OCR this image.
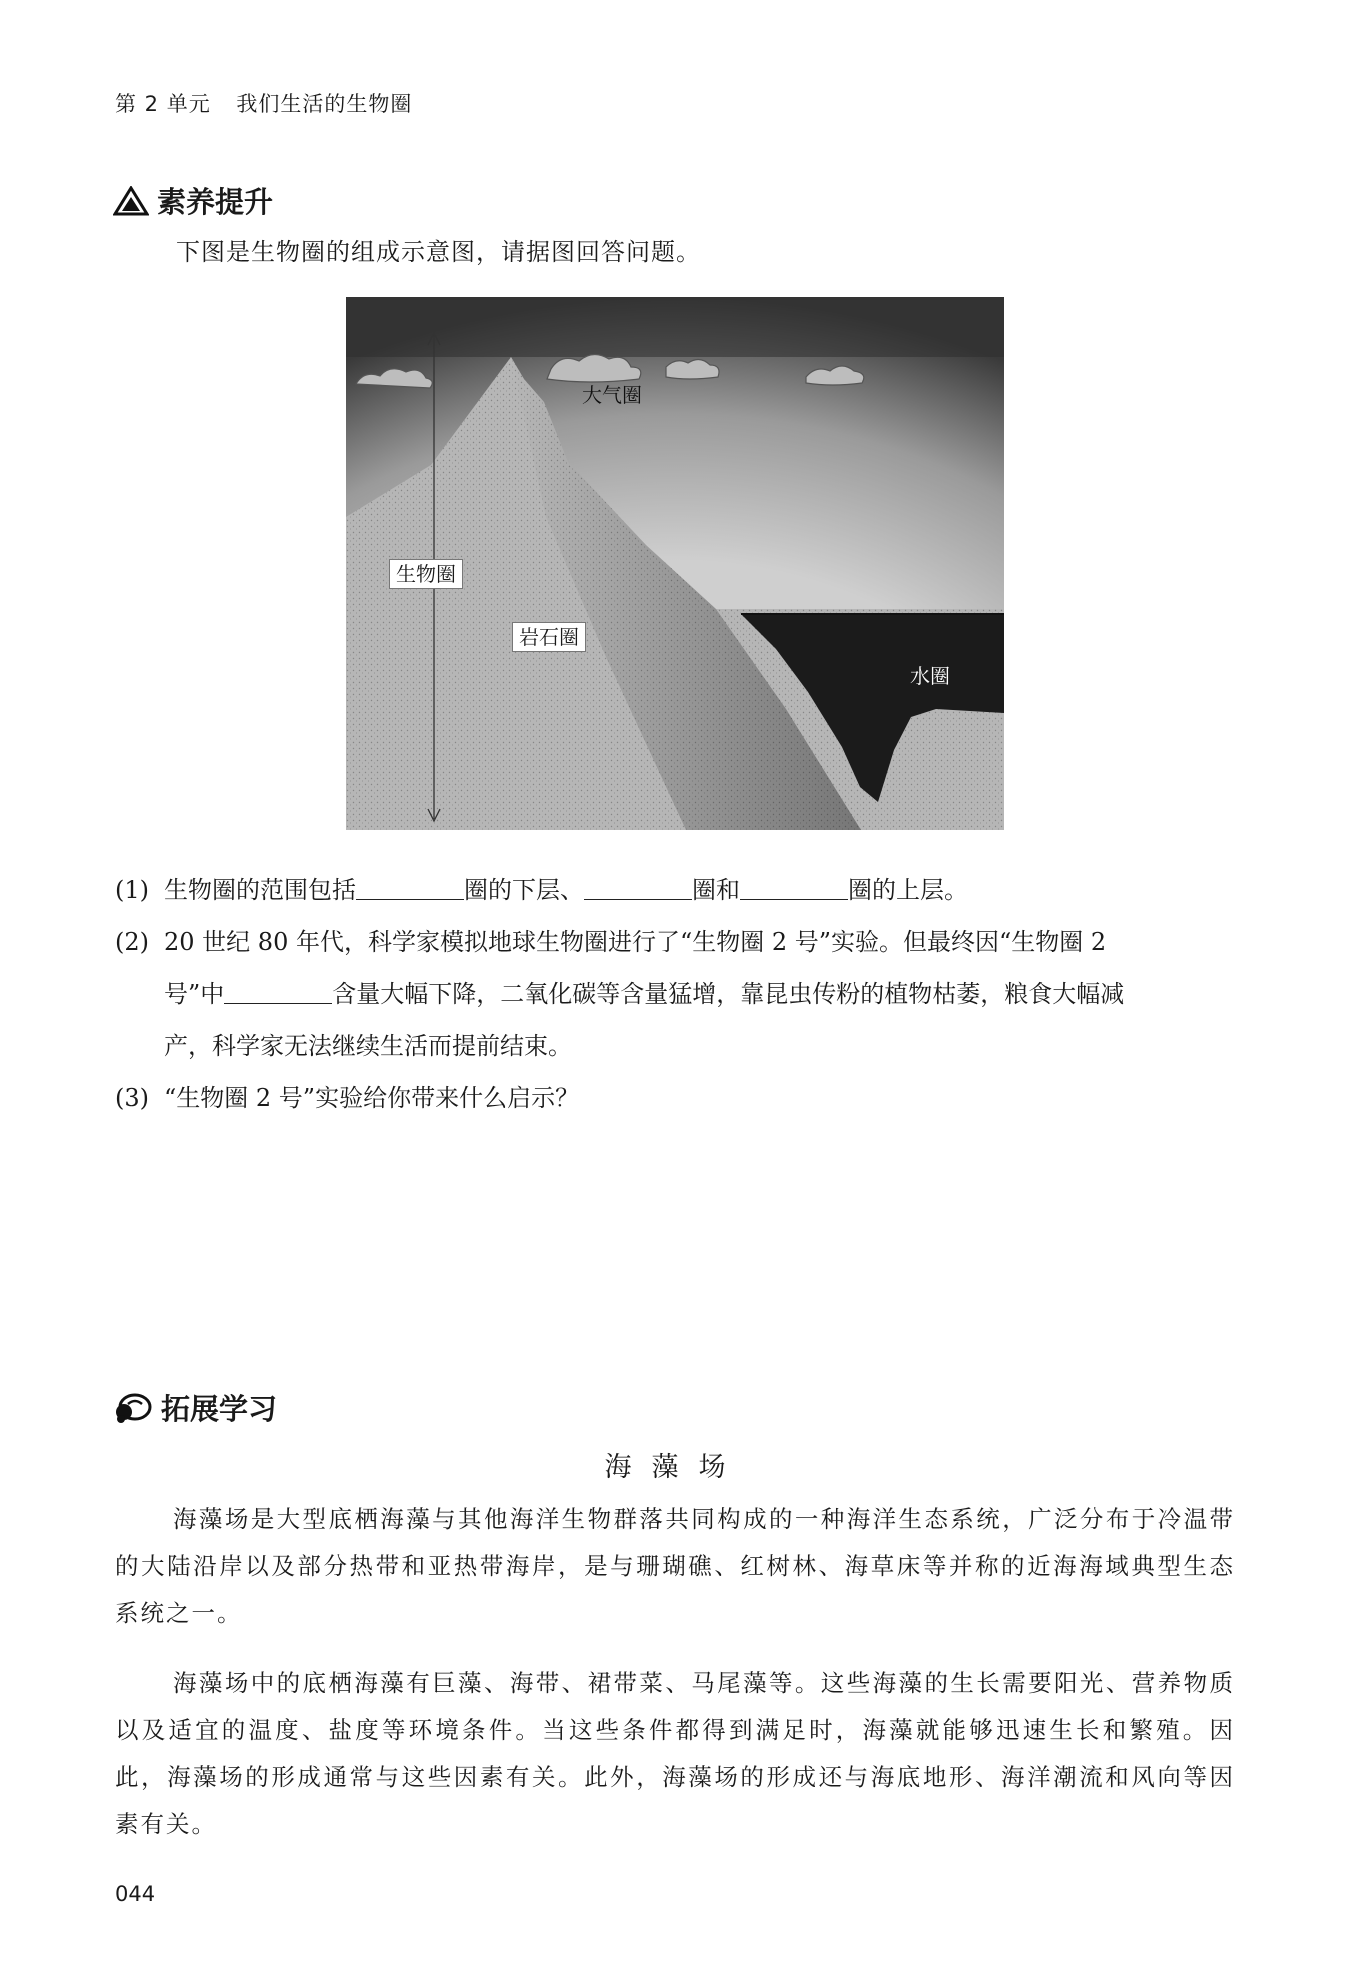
第 2 单元 我们生活的生物圈
素养提升
下图是生物圈的组成示意图，请据图回答问题。
大气圈
生物圈
岩石圈
水圈
(1) 生物圈的范围包括	圈的下层、	圈和	圈的上层。
(2) 20 世纪 80 年代，科学家模拟地球生物圈进行了“生物圈 2 号”实验。但最终因“生物圈 2
号”中	含量大幅下降，二氧化碳等含量猛增，靠昆虫传粉的植物枯萎，粮食大幅减
产，科学家无法继续生活而提前结束。
(3) “生物圈 2 号”实验给你带来什么启示？
拓展学习
海藻场
海藻场是大型底栖海藻与其他海洋生物群落共同构成的一种海洋生态系统，广泛分布于冷温带的大陆沿岸以及部分热带和亚热带海岸，是与珊瑚礁、红树林、海草床等并称的近海海域典型生态系统之一。
海藻场中的底栖海藻有巨藻、海带、裙带菜、马尾藻等。这些海藻的生长需要阳光、营养物质以及适宜的温度、盐度等环境条件。当这些条件都得到满足时，海藻就能够迅速生长和繁殖。因此，海藻场的形成通常与这些因素有关。此外，海藻场的形成还与海底地形、海洋潮流和风向等因素有关。
044
